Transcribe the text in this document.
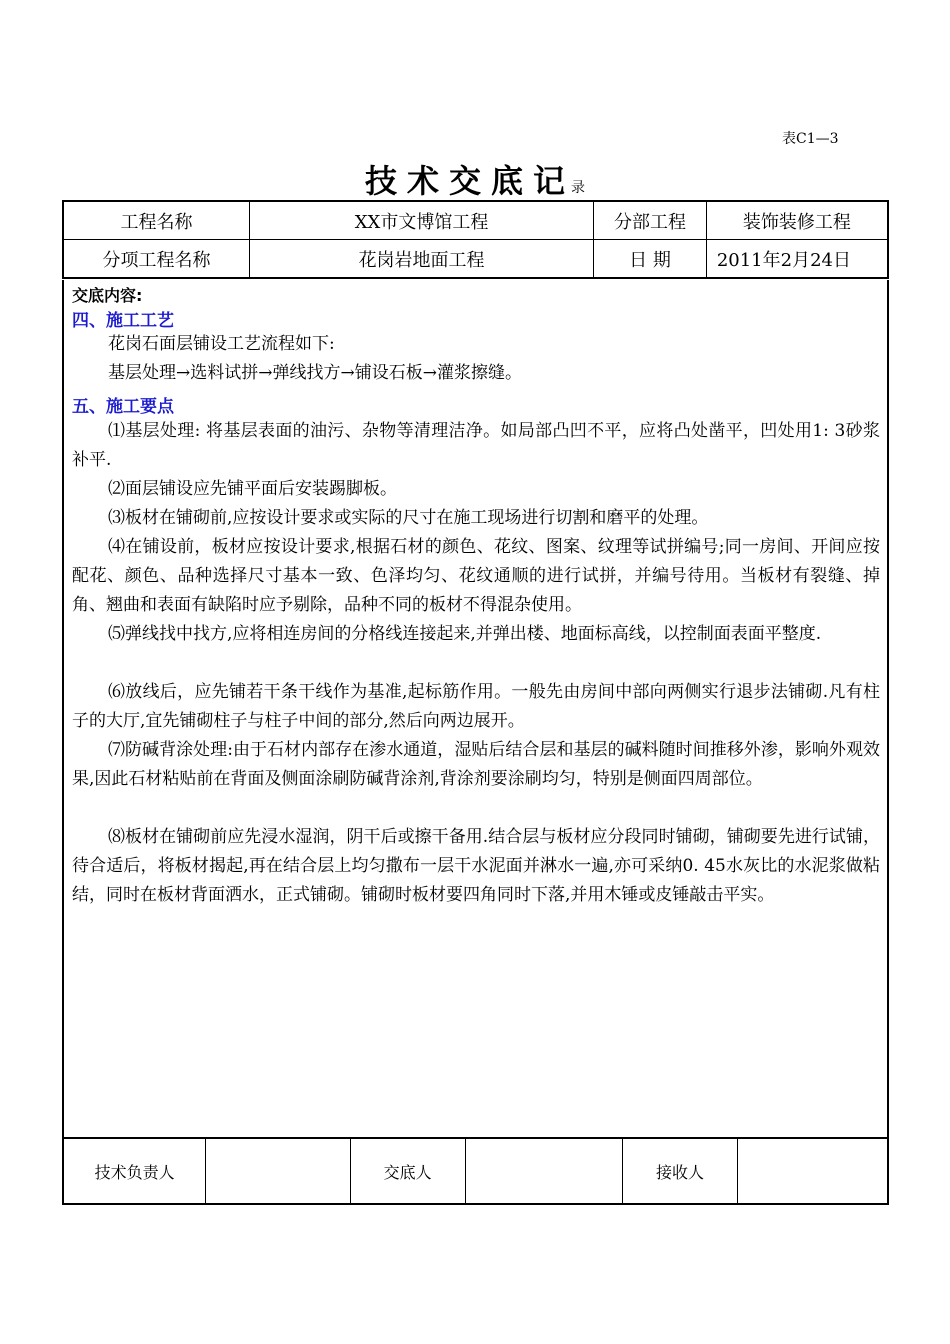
表C1—3
技术交底记录
工程名称	XX市文博馆工程	分部工程	装饰装修工程
分项工程名称	花岗岩地面工程	日 期	2011年2月24日
交底内容:
四、施工工艺
花岗石面层铺设工艺流程如下:
基层处理→选料试拼→弹线找方→铺设石板→灌浆擦缝。
五、施工要点
⑴基层处理: 将基层表面的油污、杂物等清理洁净。如局部凸凹不平，应将凸处凿平，凹处用1: 3砂浆补平.
⑵面层铺设应先铺平面后安装踢脚板。
⑶板材在铺砌前,应按设计要求或实际的尺寸在施工现场进行切割和磨平的处理。
⑷在铺设前，板材应按设计要求,根据石材的颜色、花纹、图案、纹理等试拼编号;同一房间、开间应按配花、颜色、品种选择尺寸基本一致、色泽均匀、花纹通顺的进行试拼，并编号待用。当板材有裂缝、掉角、翘曲和表面有缺陷时应予剔除，品种不同的板材不得混杂使用。
⑸弹线找中找方,应将相连房间的分格线连接起来,并弹出楼、地面标高线，以控制面表面平整度.
⑹放线后，应先铺若干条干线作为基准,起标筋作用。一般先由房间中部向两侧实行退步法铺砌.凡有柱子的大厅,宜先铺砌柱子与柱子中间的部分,然后向两边展开。
⑺防碱背涂处理:由于石材内部存在渗水通道，湿贴后结合层和基层的碱料随时间推移外渗，影响外观效果,因此石材粘贴前在背面及侧面涂刷防碱背涂剂,背涂剂要涂刷均匀，特别是侧面四周部位。
⑻板材在铺砌前应先浸水湿润，阴干后或擦干备用.结合层与板材应分段同时铺砌，铺砌要先进行试铺，待合适后，将板材揭起,再在结合层上均匀撒布一层干水泥面并淋水一遍,亦可采纳0. 45水灰比的水泥浆做粘结，同时在板材背面洒水，正式铺砌。铺砌时板材要四角同时下落,并用木锤或皮锤敲击平实。
技术负责人		交底人		接收人	
